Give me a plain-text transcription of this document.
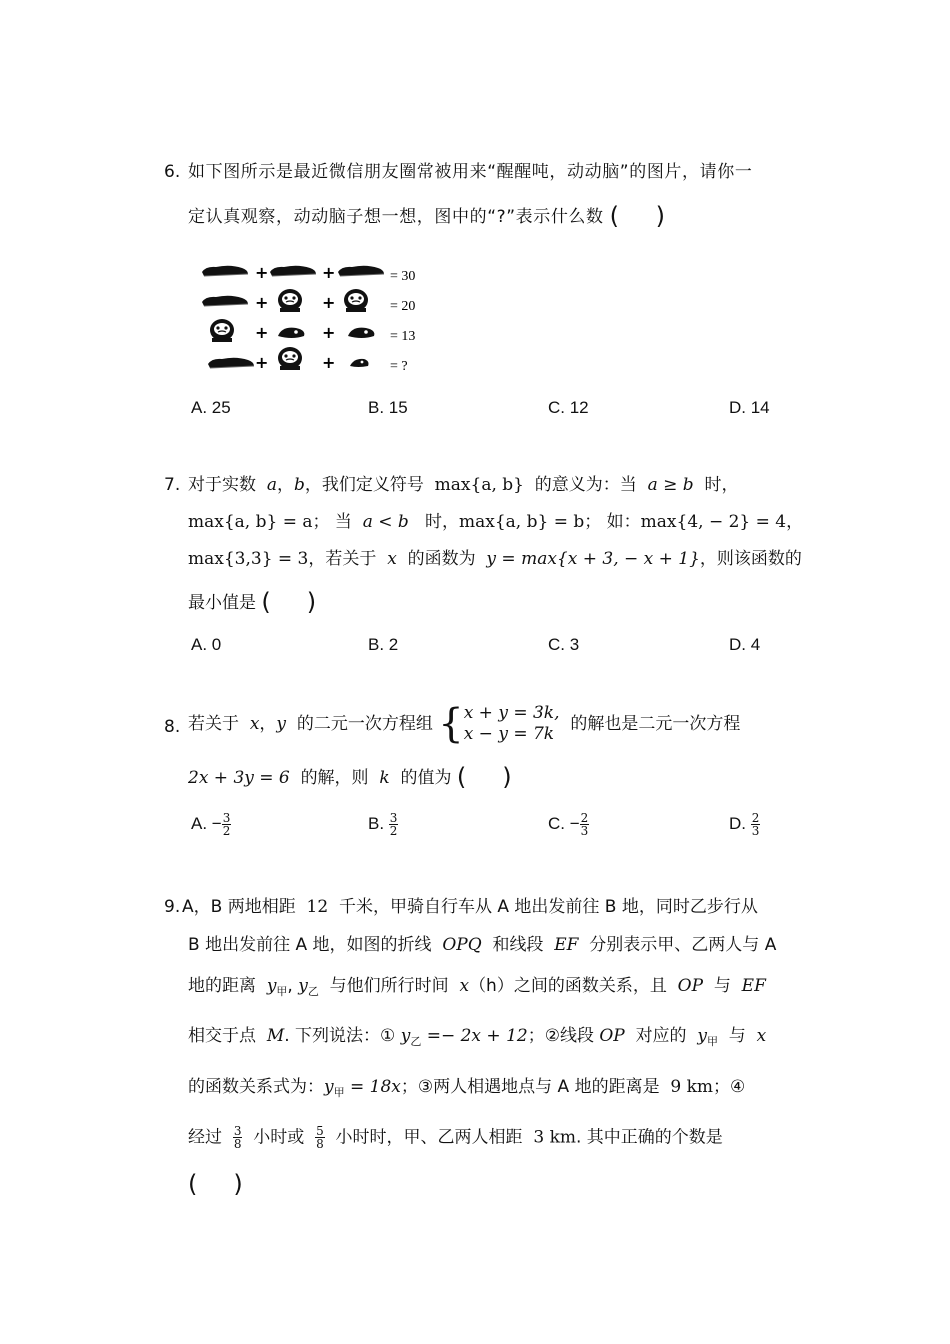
6. 如下图所示是最近微信朋友圈常被用来“醒醒吨，动动脑”的图片，请你一
定认真观察，动动脑子想一想，图中的“?”表示什么数 ( )
+	+	= 30
+	+	= 20
+	+	= 13
+	+	= ?
A. 25	B. 15	C. 12	D. 14
7. 对于实数 a，b，我们定义符号 max{a, b} 的意义为：当 a ≥ b 时，
max{a, b} = a； 当 a < b 时，max{a, b} = b； 如：max{4, − 2} = 4，
max{3,3} = 3，若关于 x 的函数为 y = max{x + 3, − x + 1}，则该函数的
最小值是 ( )
A. 0	B. 2	C. 3	D. 4
8. 若关于 x，y 的二元一次方程组 { x + y = 3k,
x − y = 7k 的解也是二元一次方程
2x + 3y = 6 的解，则 k 的值为 ( )
A. − $\frac{3}{2}$	B. $\frac{3}{2}$	C. − $\frac{2}{3}$	D. $\frac{2}{3}$
9. A，B 两地相距 12 千米，甲骑自行车从 A 地出发前往 B 地，同时乙步行从
B 地出发前往 A 地，如图的折线 OPQ 和线段 EF 分别表示甲、乙两人与 A
地的距离 $y_甲$, $y_乙$ 与他们所行时间 x（h）之间的函数关系，且 OP 与 EF
相交于点 M. 下列说法：① $y_乙 =- 2x + 12$；②线段 OP 对应的 $y_甲$ 与 x
的函数关系式为：$y_甲 = 18x$；③两人相遇地点与 A 地的距离是 9 km；④
经过 $\frac{3}{8}$ 小时或 $\frac{5}{8}$ 小时时，甲、乙两人相距 3 km. 其中正确的个数是
( )
